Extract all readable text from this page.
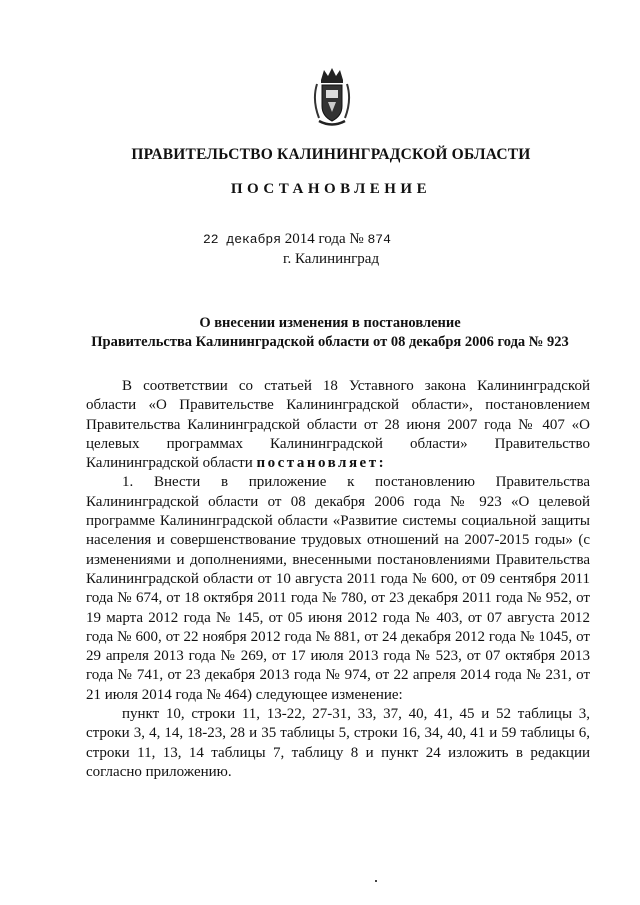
ПРАВИТЕЛЬСТВО КАЛИНИНГРАДСКОЙ ОБЛАСТИ
ПОСТАНОВЛЕНИЕ
22 декабря 2014 года № 874
г. Калининград
О внесении изменения в постановление
Правительства Калининградской области от 08 декабря 2006 года № 923

В соответствии со статьей 18 Уставного закона Калининградской области «О Правительстве Калининградской области», постановлением Правительства Калининградской области от 28 июня 2007 года № 407 «О целевых программах Калининградской области» Правительство Калининградской области постановляет:

1. Внести в приложение к постановлению Правительства Калининградской области от 08 декабря 2006 года № 923 «О целевой программе Калининградской области «Развитие системы социальной защиты населения и совершенствование трудовых отношений на 2007-2015 годы» (с изменениями и дополнениями, внесенными постановлениями Правительства Калининградской области от 10 августа 2011 года № 600, от 09 сентября 2011 года № 674, от 18 октября 2011 года № 780, от 23 декабря 2011 года № 952, от 19 марта 2012 года № 145, от 05 июня 2012 года № 403, от 07 августа 2012 года № 600, от 22 ноября 2012 года № 881, от 24 декабря 2012 года № 1045, от 29 апреля 2013 года № 269, от 17 июля 2013 года № 523, от 07 октября 2013 года № 741, от 23 декабря 2013 года № 974, от 22 апреля 2014 года № 231, от 21 июля 2014 года № 464) следующее изменение:

пункт 10, строки 11, 13-22, 27-31, 33, 37, 40, 41, 45 и 52 таблицы 3, строки 3, 4, 14, 18-23, 28 и 35 таблицы 5, строки 16, 34, 40, 41 и 59 таблицы 6, строки 11, 13, 14 таблицы 7, таблицу 8 и пункт 24 изложить в редакции согласно приложению.
